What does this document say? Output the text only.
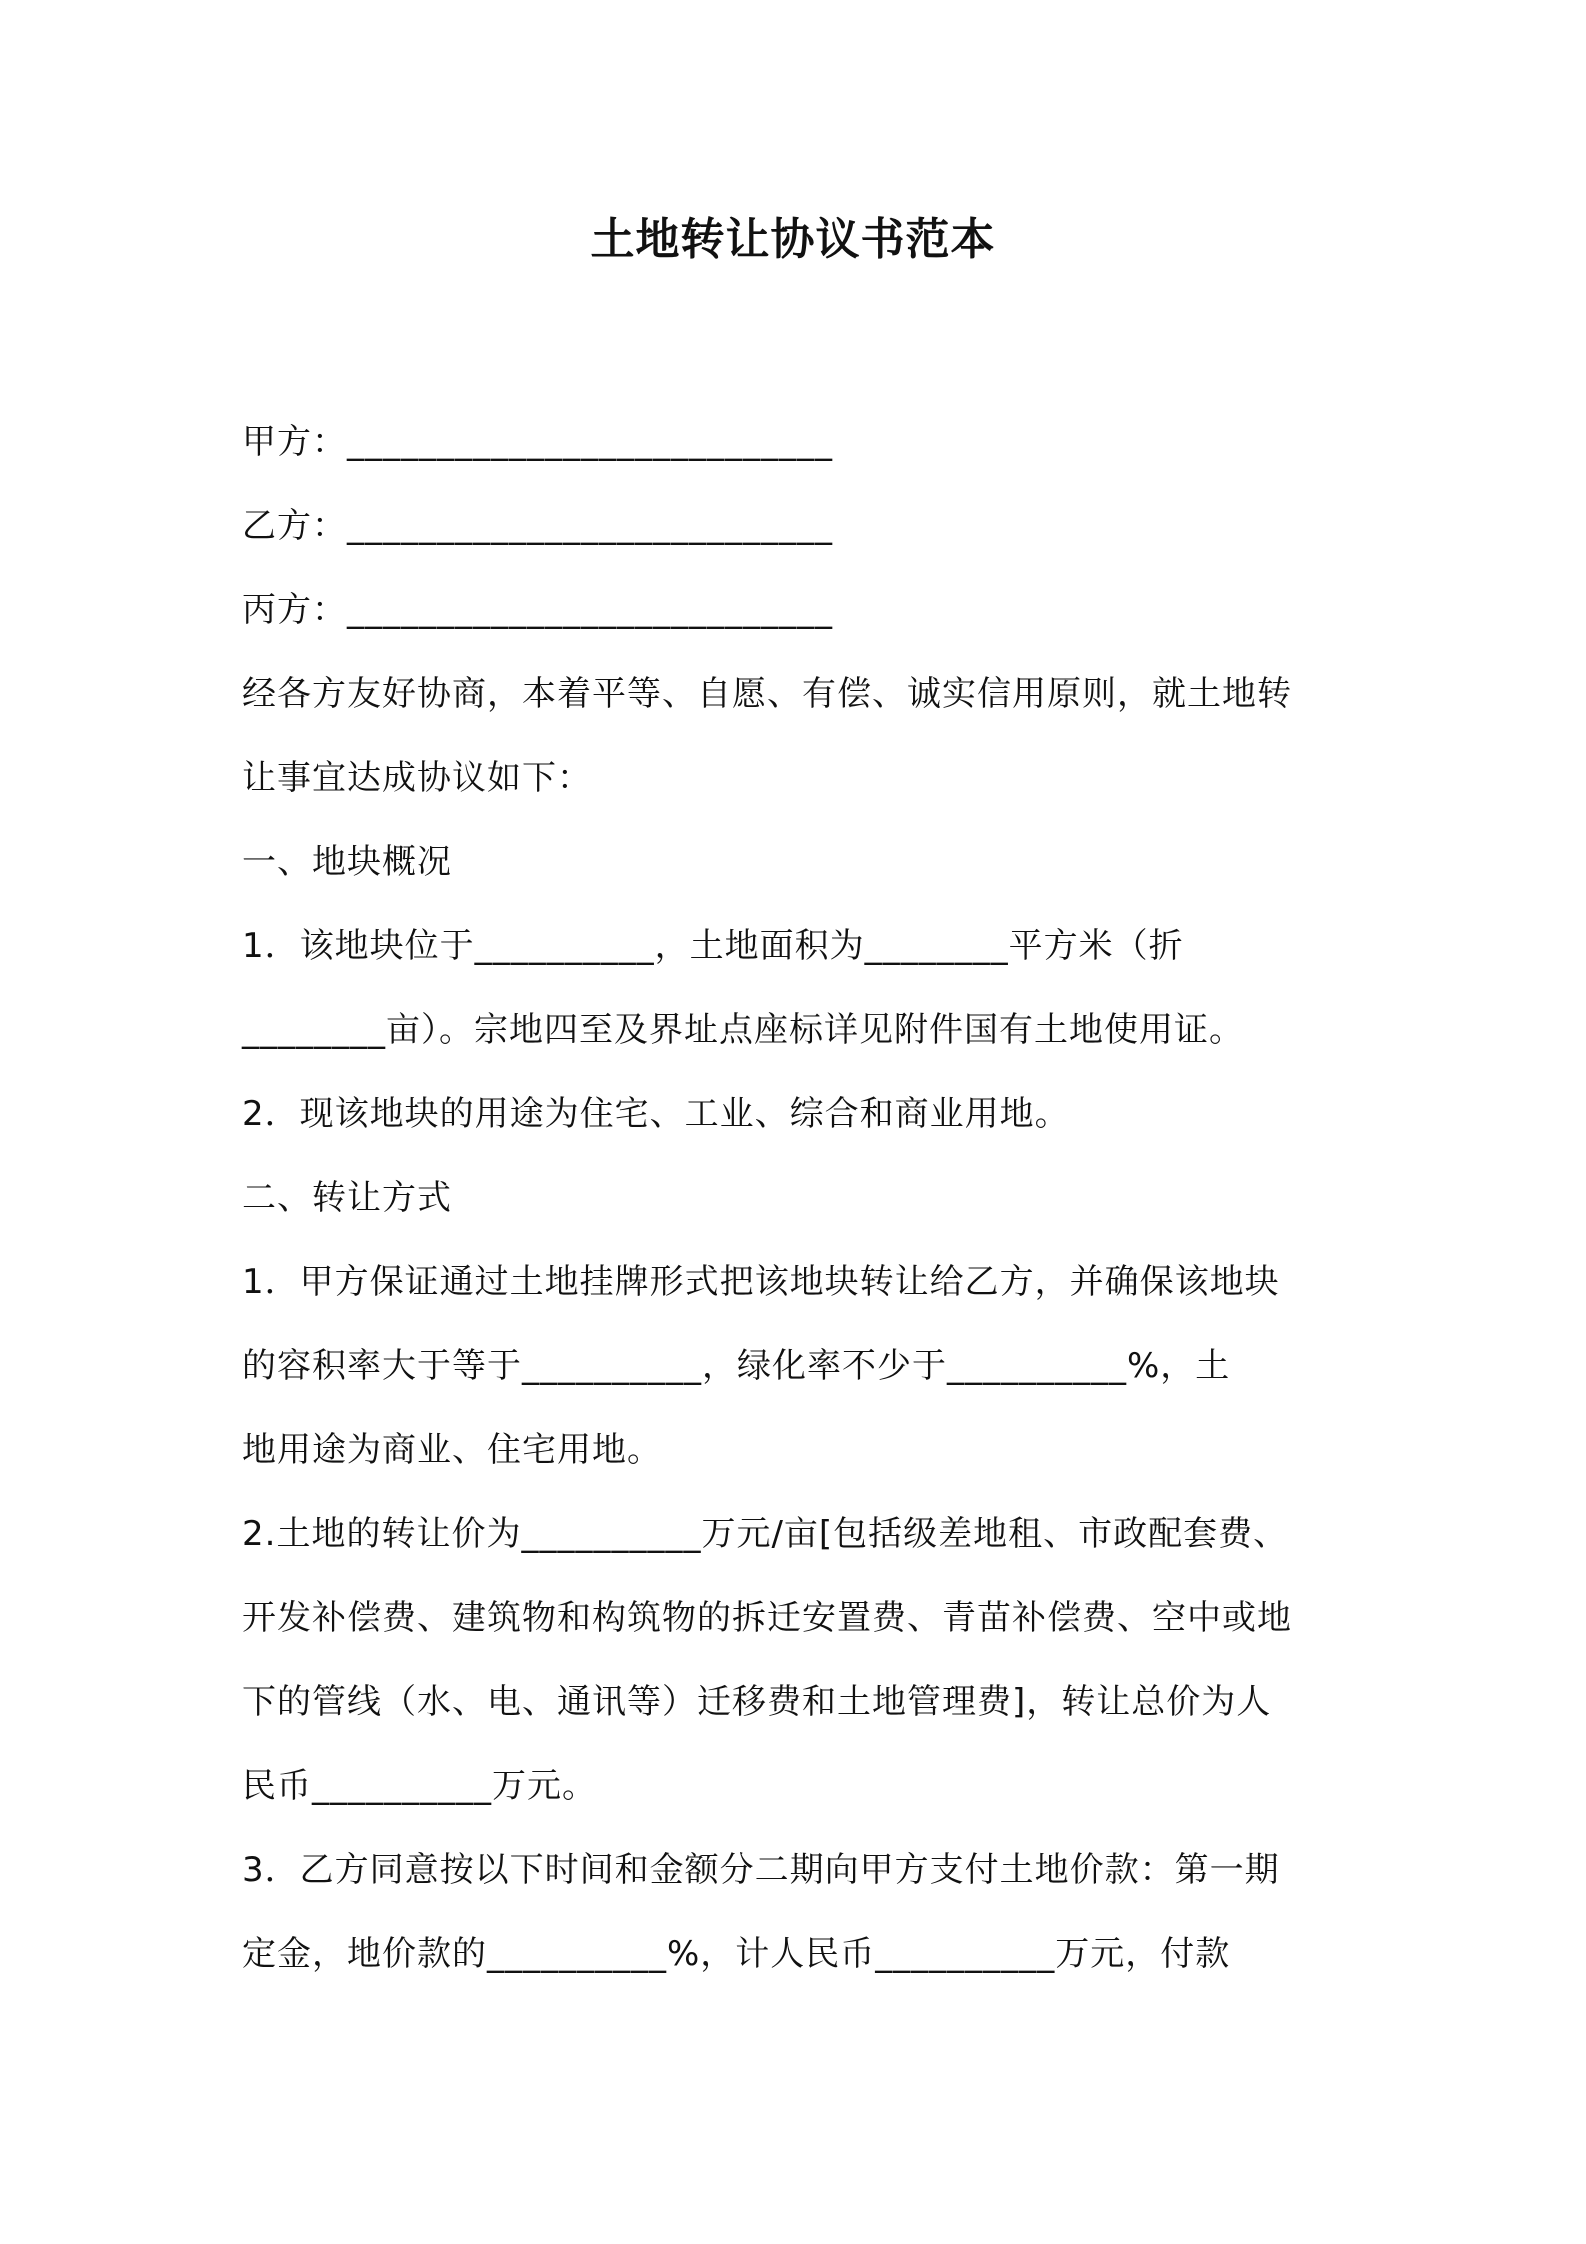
土地转让协议书范本
甲方：___________________________
乙方：___________________________
丙方：___________________________
经各方友好协商，本着平等、自愿、有偿、诚实信用原则，就土地转
让事宜达成协议如下：
一、地块概况
1．该地块位于__________，土地面积为________平方米（折
________亩）。宗地四至及界址点座标详见附件国有土地使用证。
2．现该地块的用途为住宅、工业、综合和商业用地。
二、转让方式
1．甲方保证通过土地挂牌形式把该地块转让给乙方，并确保该地块
的容积率大于等于__________，绿化率不少于__________%，土
地用途为商业、住宅用地。
2.土地的转让价为__________万元/亩[包括级差地租、市政配套费、
开发补偿费、建筑物和构筑物的拆迁安置费、青苗补偿费、空中或地
下的管线（水、电、通讯等）迁移费和土地管理费]，转让总价为人
民币__________万元。
3．乙方同意按以下时间和金额分二期向甲方支付土地价款：第一期
定金，地价款的__________%，计人民币__________万元，付款
